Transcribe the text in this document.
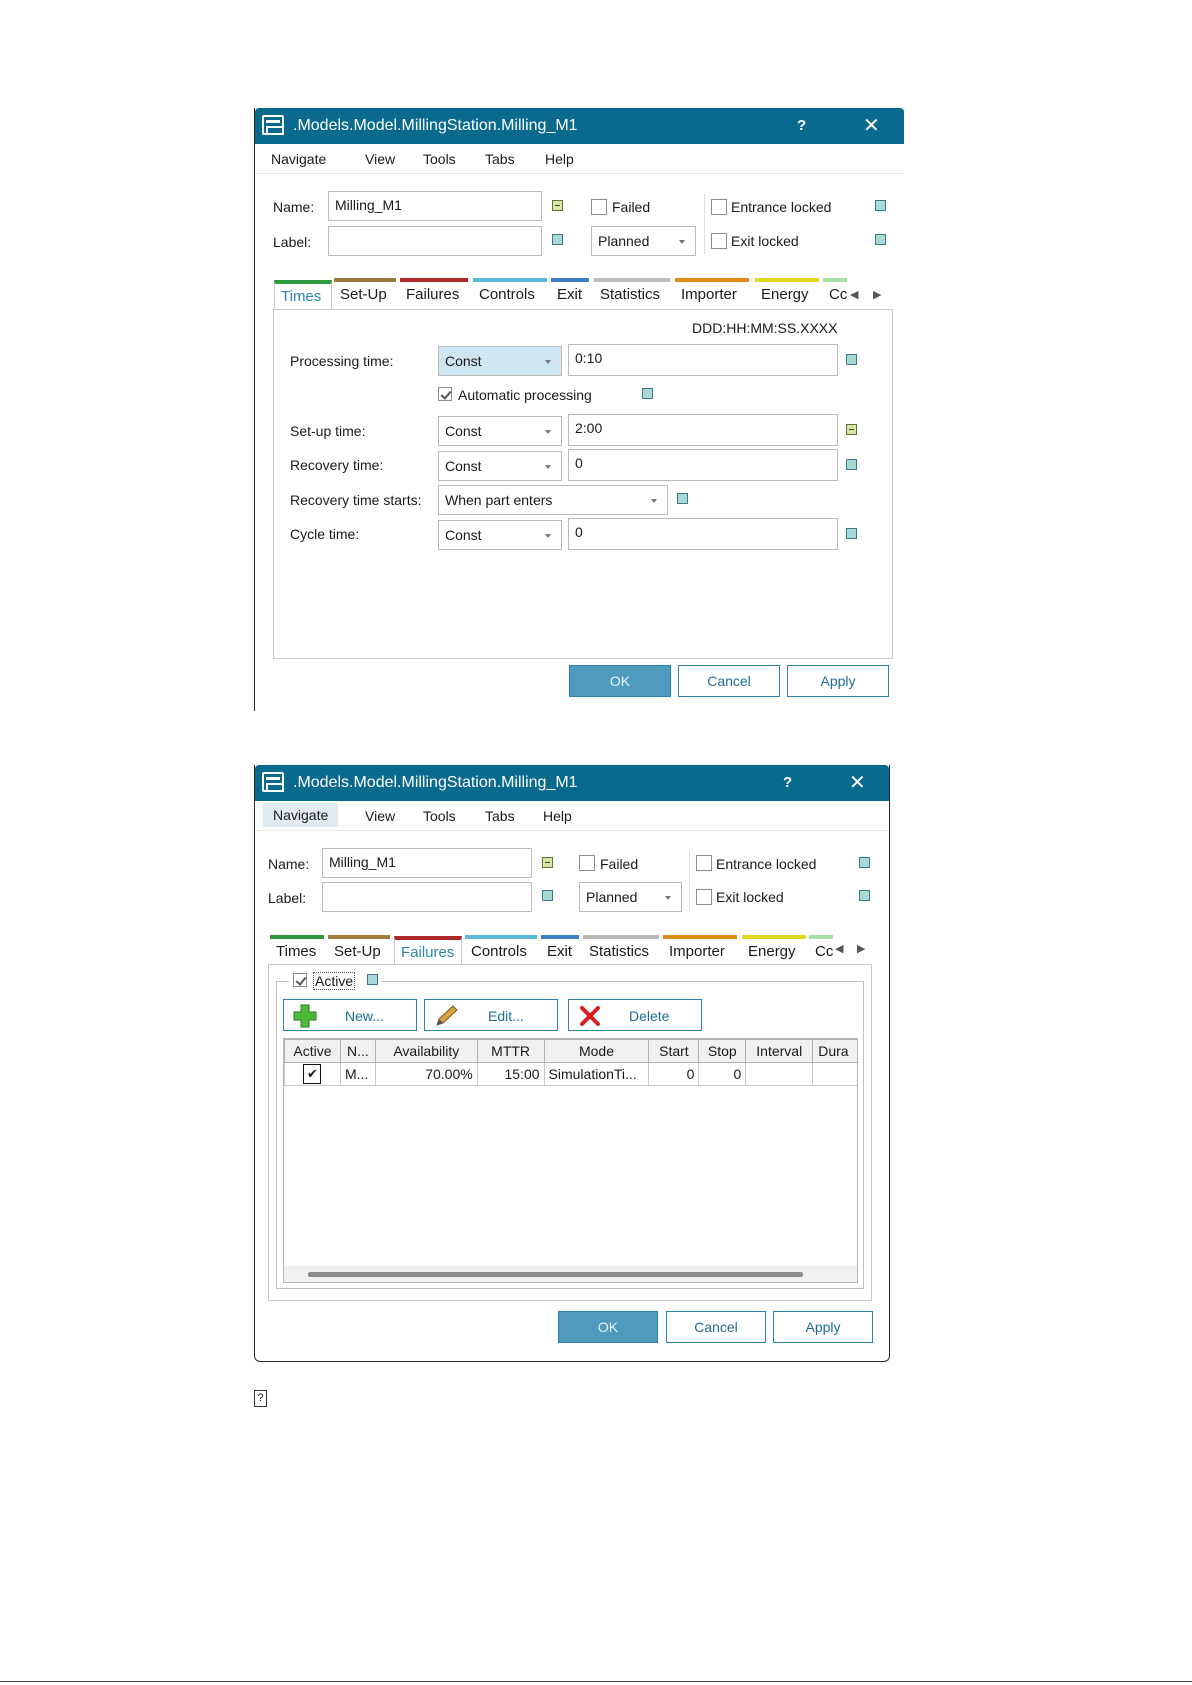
.Models.Model.MillingStation.Milling_M1	?	✕
Navigate	View	Tools	Tabs	Help
Name:	Milling_M1
Label:
Failed
Planned
Entrance locked
Exit locked
Times	Set-Up	Failures	Controls	Exit	Statistics	Importer	Energy	Cc ◀ ▶
DDD:HH:MM:SS.XXXX
Processing time:	Const	0:10
Automatic processing
Set-up time:	Const	2:00
Recovery time:	Const	0
Recovery time starts:	When part enters
Cycle time:	Const	0
OK	Cancel	Apply
.Models.Model.MillingStation.Milling_M1	?	✕
Navigate	View	Tools	Tabs	Help
Name:	Milling_M1
Label:
Failed
Planned
Entrance locked
Exit locked
Times	Set-Up	Failures	Controls	Exit	Statistics	Importer	Energy	Cc ◀ ▶
Active
New...	Edit...	Delete
Active	N...	Availability	MTTR	Mode	Start	Stop	Interval	Dura
✔	M...	70.00%	15:00	SimulationTi...	0	0		
OK	Cancel	Apply
?
